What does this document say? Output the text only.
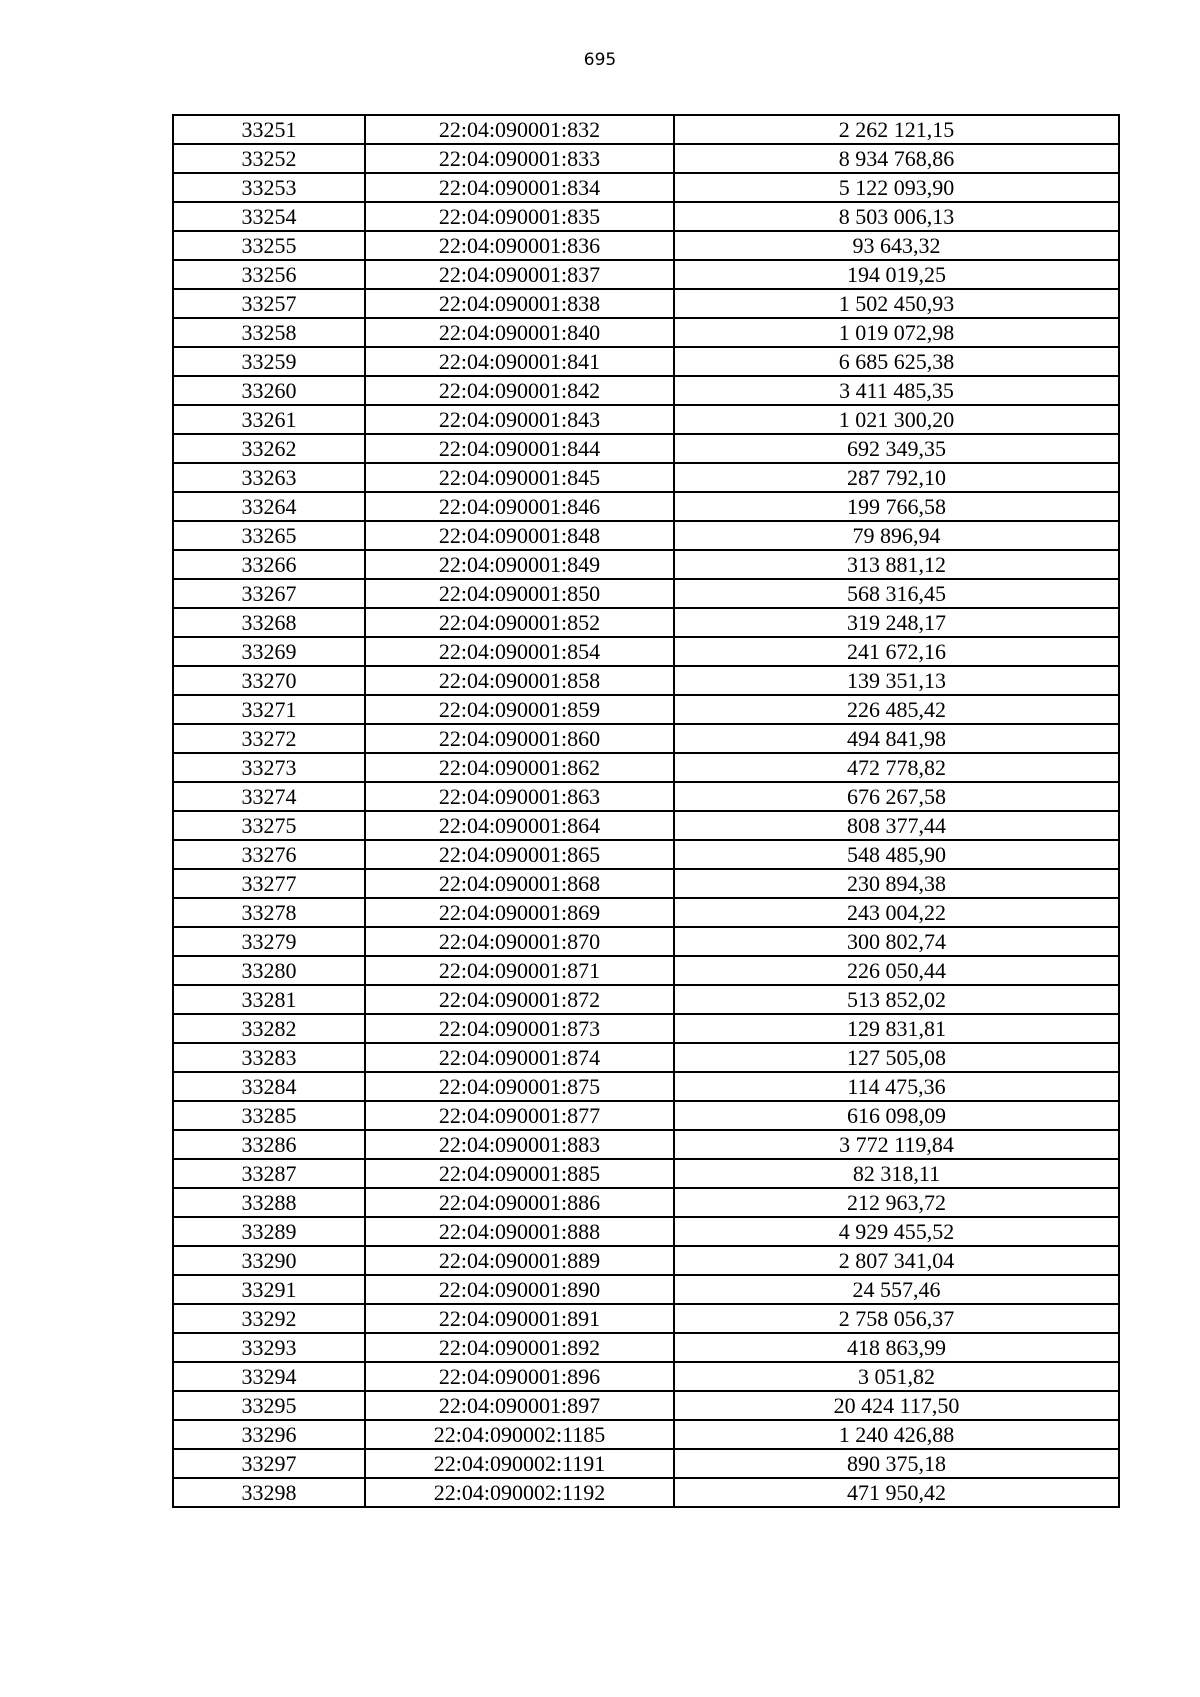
695
33251	22:04:090001:832	2 262 121,15
33252	22:04:090001:833	8 934 768,86
33253	22:04:090001:834	5 122 093,90
33254	22:04:090001:835	8 503 006,13
33255	22:04:090001:836	93 643,32
33256	22:04:090001:837	194 019,25
33257	22:04:090001:838	1 502 450,93
33258	22:04:090001:840	1 019 072,98
33259	22:04:090001:841	6 685 625,38
33260	22:04:090001:842	3 411 485,35
33261	22:04:090001:843	1 021 300,20
33262	22:04:090001:844	692 349,35
33263	22:04:090001:845	287 792,10
33264	22:04:090001:846	199 766,58
33265	22:04:090001:848	79 896,94
33266	22:04:090001:849	313 881,12
33267	22:04:090001:850	568 316,45
33268	22:04:090001:852	319 248,17
33269	22:04:090001:854	241 672,16
33270	22:04:090001:858	139 351,13
33271	22:04:090001:859	226 485,42
33272	22:04:090001:860	494 841,98
33273	22:04:090001:862	472 778,82
33274	22:04:090001:863	676 267,58
33275	22:04:090001:864	808 377,44
33276	22:04:090001:865	548 485,90
33277	22:04:090001:868	230 894,38
33278	22:04:090001:869	243 004,22
33279	22:04:090001:870	300 802,74
33280	22:04:090001:871	226 050,44
33281	22:04:090001:872	513 852,02
33282	22:04:090001:873	129 831,81
33283	22:04:090001:874	127 505,08
33284	22:04:090001:875	114 475,36
33285	22:04:090001:877	616 098,09
33286	22:04:090001:883	3 772 119,84
33287	22:04:090001:885	82 318,11
33288	22:04:090001:886	212 963,72
33289	22:04:090001:888	4 929 455,52
33290	22:04:090001:889	2 807 341,04
33291	22:04:090001:890	24 557,46
33292	22:04:090001:891	2 758 056,37
33293	22:04:090001:892	418 863,99
33294	22:04:090001:896	3 051,82
33295	22:04:090001:897	20 424 117,50
33296	22:04:090002:1185	1 240 426,88
33297	22:04:090002:1191	890 375,18
33298	22:04:090002:1192	471 950,42
